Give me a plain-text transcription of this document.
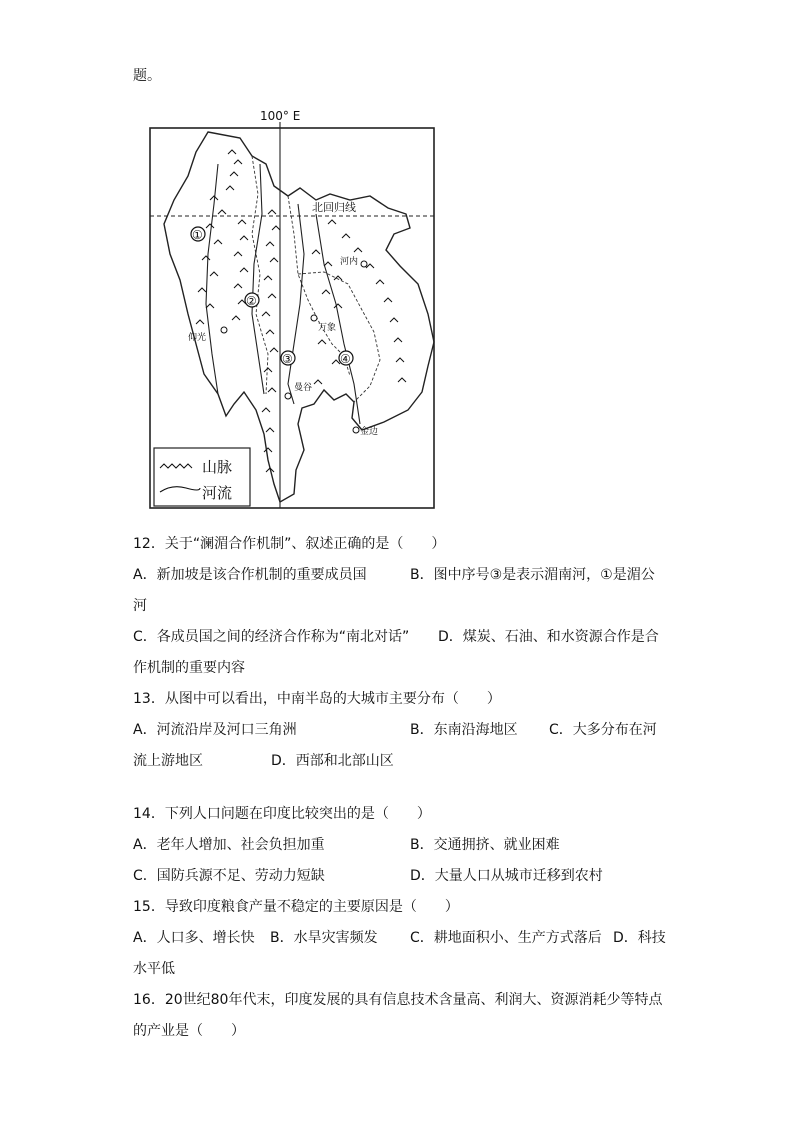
题。
100° E
北回归线
①
②
③	④
河内
万象
曼谷
金边
仰光
山脉
河流
12．关于“澜湄合作机制”、叙述正确的是（　　）
A．新加坡是该合作机制的重要成员国	B．图中序号③是表示湄南河，①是湄公
河
C．各成员国之间的经济合作称为“南北对话” D．煤炭、石油、和水资源合作是合
作机制的重要内容
13．从图中可以看出，中南半岛的大城市主要分布（　　）
A．河流沿岸及河口三角洲	B．东南沿海地区 C．大多分布在河
流上游地区	D．西部和北部山区
14．下列人口问题在印度比较突出的是（　　）
A．老年人增加、社会负担加重	B．交通拥挤、就业困难
C．国防兵源不足、劳动力短缺	D．大量人口从城市迁移到农村
15．导致印度粮食产量不稳定的主要原因是（　　）
A．人口多、增长快 B．水旱灾害频发 C．耕地面积小、生产方式落后 D．科技
水平低
16．20世纪80年代末，印度发展的具有信息技术含量高、利润大、资源消耗少等特点
的产业是（　　）
